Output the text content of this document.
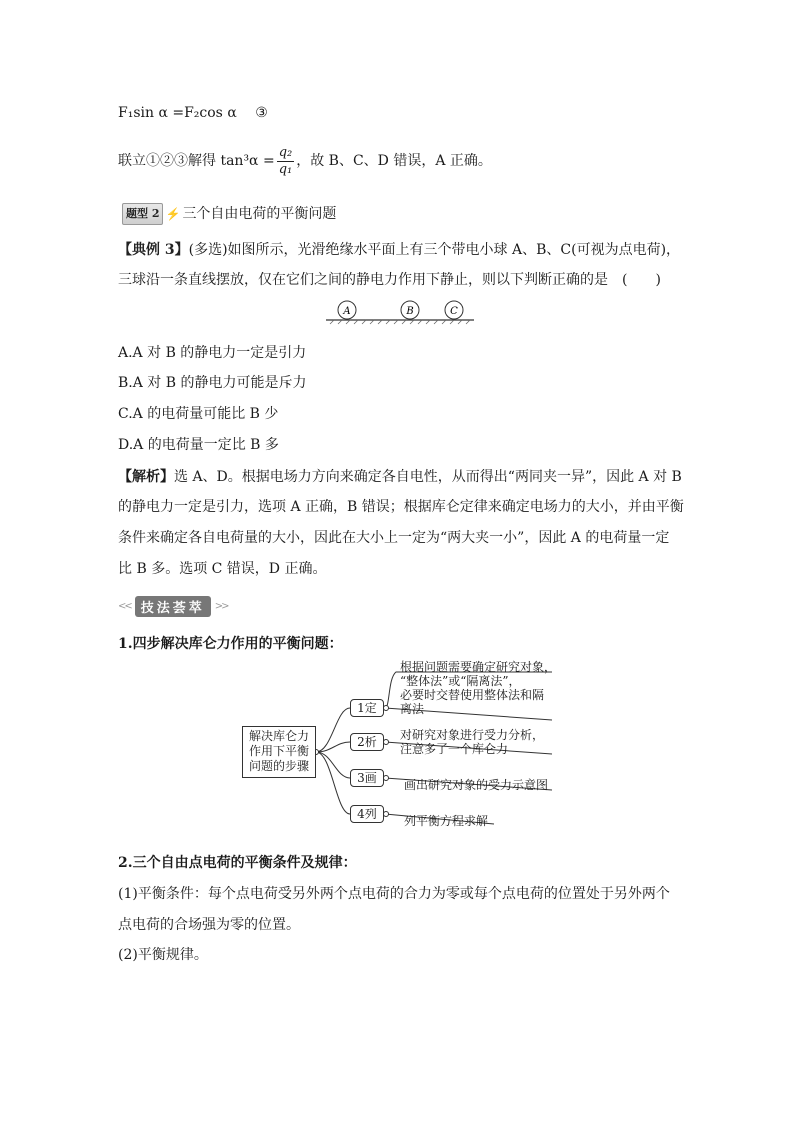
F₁sin α =F₂cos α ③
联立①②③解得 $\tan^3\alpha = \frac{\text{q₂}}{\text{q₁}}$ ，故 B、C、D 错误，A 正确。
题型 2 ⚡ 三个自由电荷的平衡问题
【典例 3】(多选)如图所示，光滑绝缘水平面上有三个带电小球 A、B、C(可视为点电荷)，
三球沿一条直线摆放，仅在它们之间的静电力作用下静止，则以下判断正确的是　(　　)
A	B	C
A.A 对 B 的静电力一定是引力
B.A 对 B 的静电力可能是斥力
C.A 的电荷量可能比 B 少
D.A 的电荷量一定比 B 多
【解析】选 A、D。根据电场力方向来确定各自电性，从而得出“两同夹一异”，因此 A 对 B
的静电力一定是引力，选项 A 正确，B 错误；根据库仑定律来确定电场力的大小，并由平衡
条件来确定各自电荷量的大小，因此在大小上一定为“两大夹一小”，因此 A 的电荷量一定
比 B 多。选项 C 错误，D 正确。
<< 技法荟萃	>>
1.四步解决库仑力作用的平衡问题：
解决库仑力
作用下平衡
问题的步骤
1定
2析
3画
4列
根据问题需要确定研究对象，
“整体法”或“隔离法”，
必要时交替使用整体法和隔
离法
对研究对象进行受力分析，
注意多了一个库仑力
画出研究对象的受力示意图
列平衡方程求解
2.三个自由点电荷的平衡条件及规律：
(1)平衡条件：每个点电荷受另外两个点电荷的合力为零或每个点电荷的位置处于另外两个
点电荷的合场强为零的位置。
(2)平衡规律。
